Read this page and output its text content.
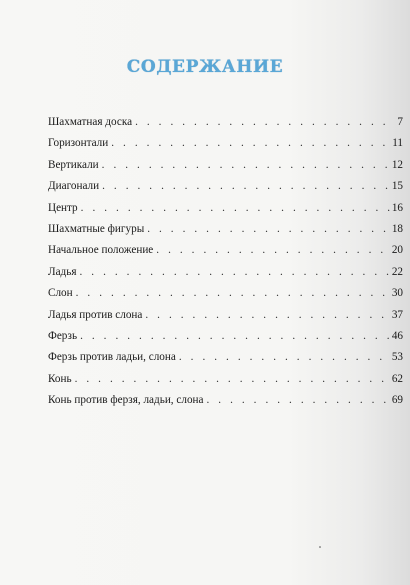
СОДЕРЖАНИЕ
Шахматная доска . . .	7
Горизонтали . . .	11
Вертикали . . .	12
Диагонали . . .	15
Центр . . .	16
Шахматные фигуры . . .	18
Начальное положение . . .	20
Ладья . . .	22
Слон . . .	30
Ладья против слона . . .	37
Ферзь . . .	46
Ферзь против ладьи, слона . . .	53
Конь . . .	62
Конь против ферзя, ладьи, слона . . .	69
